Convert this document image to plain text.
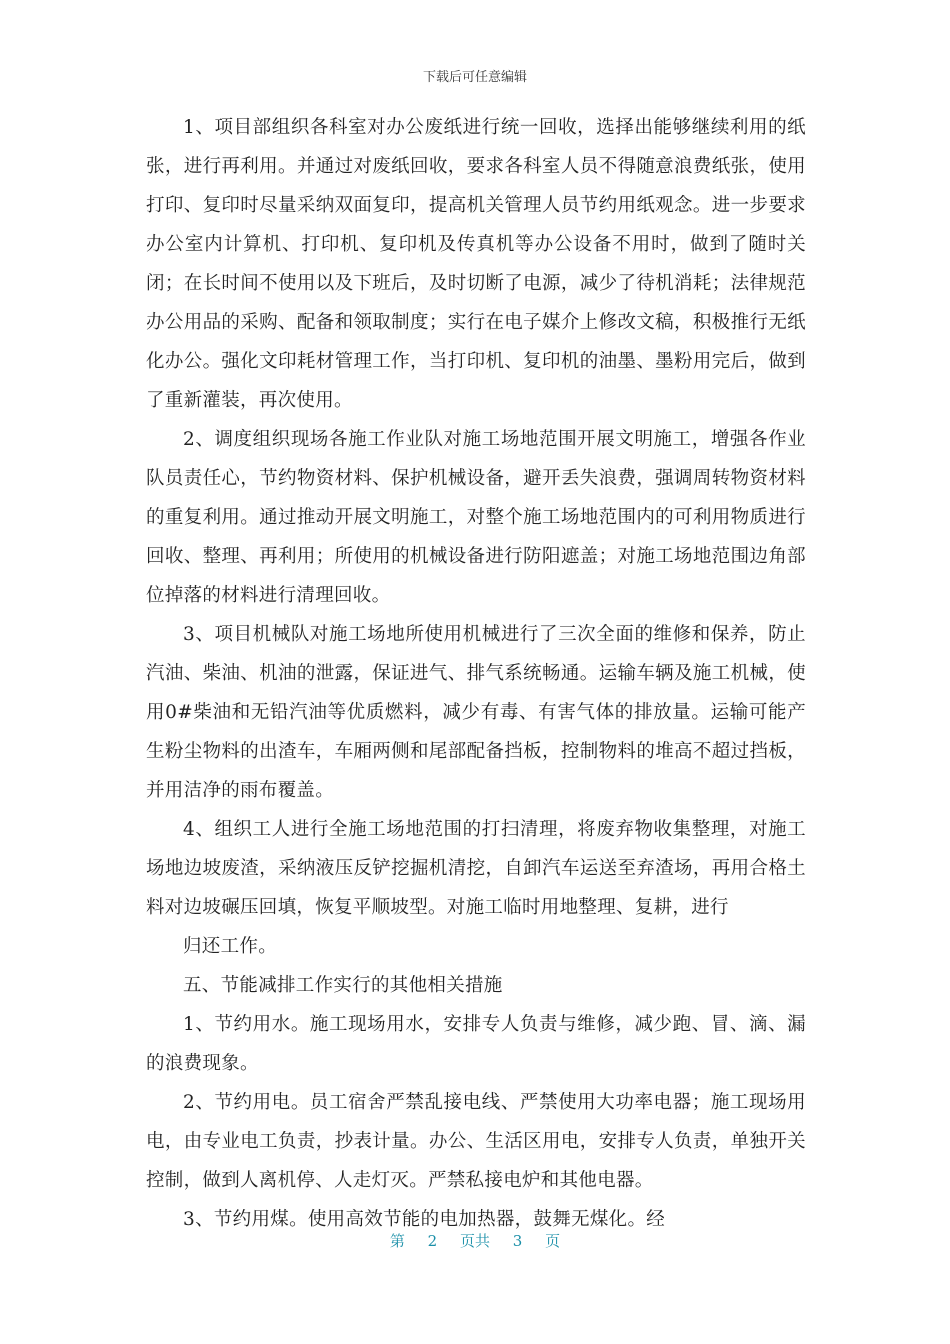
下载后可任意编辑

1、项目部组织各科室对办公废纸进行统一回收，选择出能够继续利用的纸张，进行再利用。并通过对废纸回收，要求各科室人员不得随意浪费纸张，使用打印、复印时尽量采纳双面复印，提高机关管理人员节约用纸观念。进一步要求办公室内计算机、打印机、复印机及传真机等办公设备不用时，做到了随时关闭；在长时间不使用以及下班后，及时切断了电源，减少了待机消耗；法律规范办公用品的采购、配备和领取制度；实行在电子媒介上修改文稿，积极推行无纸化办公。强化文印耗材管理工作，当打印机、复印机的油墨、墨粉用完后，做到了重新灌装，再次使用。

2、调度组织现场各施工作业队对施工场地范围开展文明施工，增强各作业队员责任心，节约物资材料、保护机械设备，避开丢失浪费，强调周转物资材料的重复利用。通过推动开展文明施工，对整个施工场地范围内的可利用物质进行回收、整理、再利用；所使用的机械设备进行防阳遮盖；对施工场地范围边角部位掉落的材料进行清理回收。

3、项目机械队对施工场地所使用机械进行了三次全面的维修和保养，防止汽油、柴油、机油的泄露，保证进气、排气系统畅通。运输车辆及施工机械，使用0#柴油和无铅汽油等优质燃料，减少有毒、有害气体的排放量。运输可能产生粉尘物料的出渣车，车厢两侧和尾部配备挡板，控制物料的堆高不超过挡板，并用洁净的雨布覆盖。

4、组织工人进行全施工场地范围的打扫清理，将废弃物收集整理，对施工场地边坡废渣，采纳液压反铲挖掘机清挖，自卸汽车运送至弃渣场，再用合格土料对边坡碾压回填，恢复平顺坡型。对施工临时用地整理、复耕，进行

归还工作。

五、节能减排工作实行的其他相关措施

1、节约用水。施工现场用水，安排专人负责与维修，减少跑、冒、滴、漏的浪费现象。

2、节约用电。员工宿舍严禁乱接电线、严禁使用大功率电器；施工现场用电，由专业电工负责，抄表计量。办公、生活区用电，安排专人负责，单独开关控制，做到人离机停、人走灯灭。严禁私接电炉和其他电器。

3、节约用煤。使用高效节能的电加热器，鼓舞无煤化。经

第 2 页共 3 页
